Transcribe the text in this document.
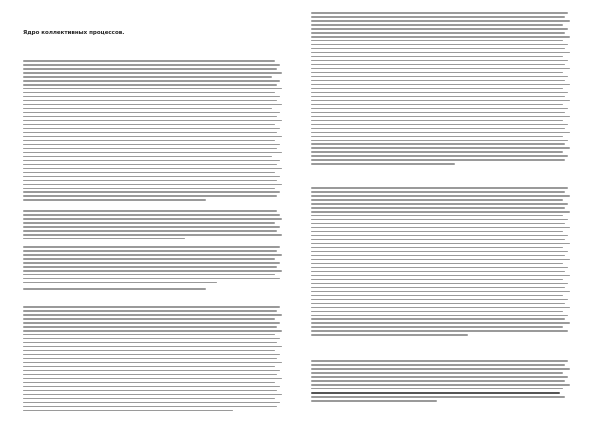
Ядро коллективных процессов.
